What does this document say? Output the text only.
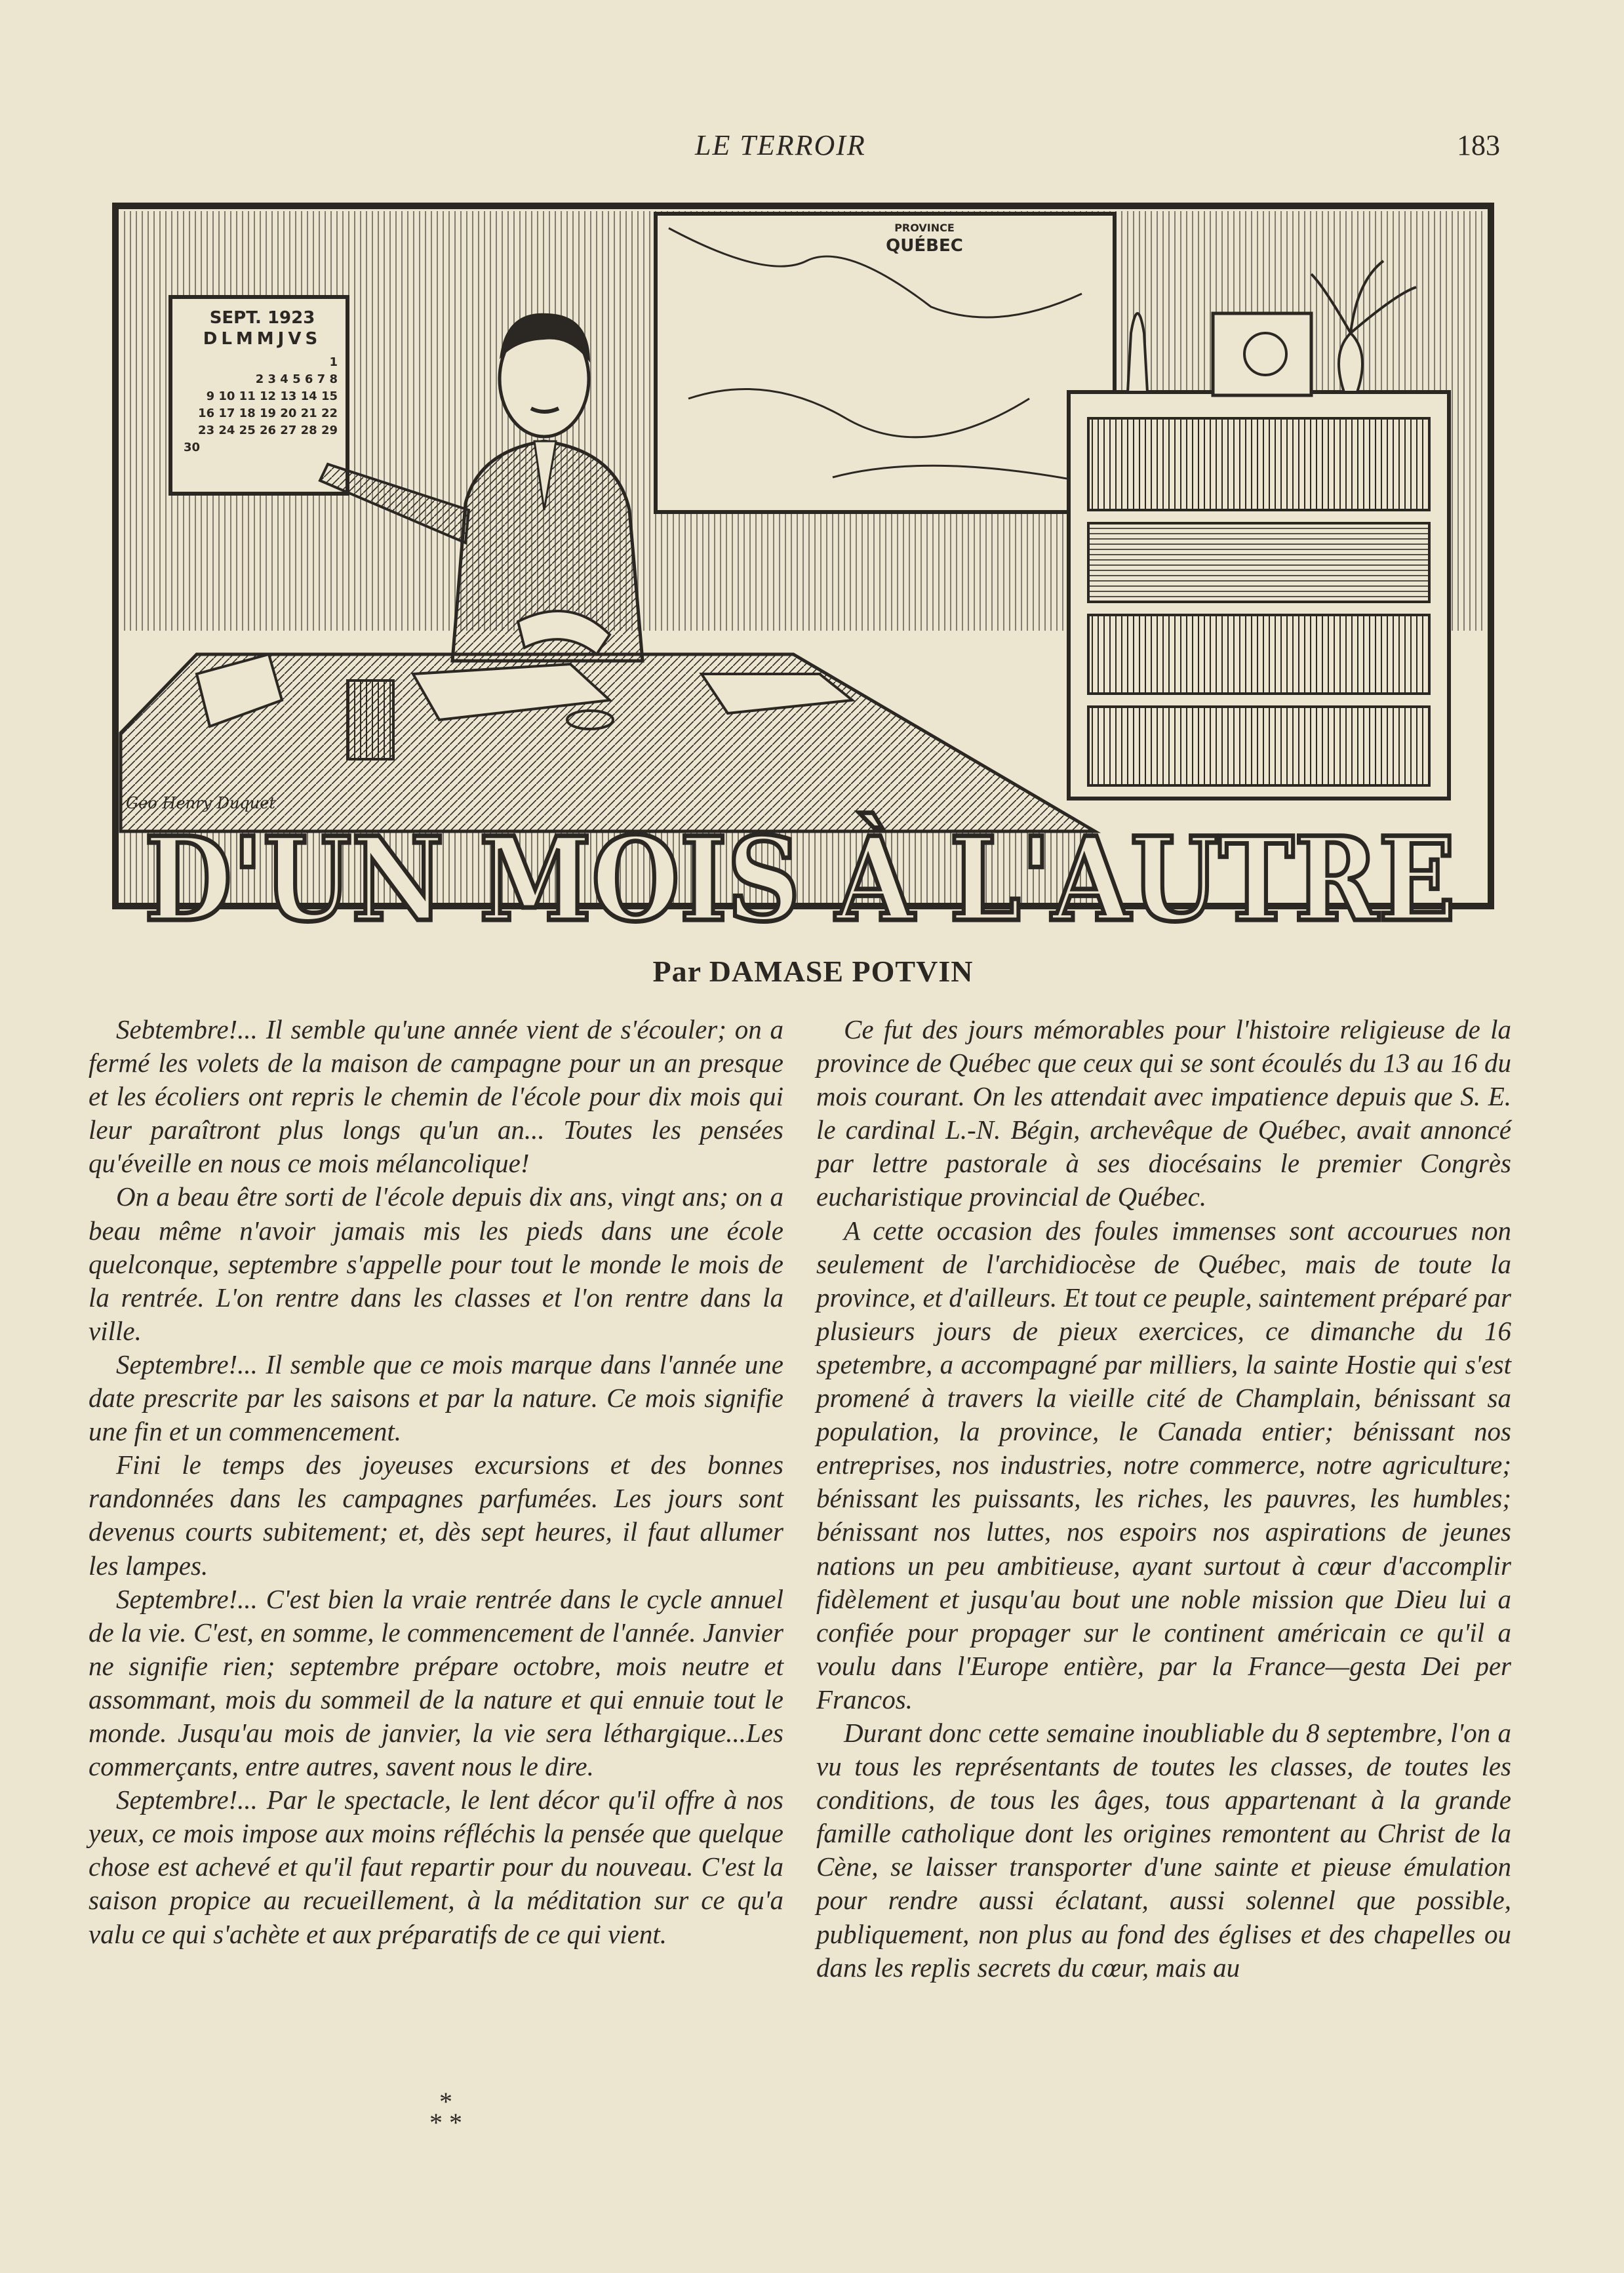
LE TERROIR	183
PROVINCE
QUÉBEC
SEPT. 1923
DLMMJVS
1
2 3 4 5 6 7 8
9 10 11 12 13 14 15
16 17 18 19 20 21 22
23 24 25 26 27 28 29
30
Geo Henry Duquet
D'UN MOIS À L'AUTRE
Par DAMASE POTVIN

Sebtembre!... Il semble qu'une année vient de s'écouler; on a fermé les volets de la maison de campagne pour un an presque et les écoliers ont repris le chemin de l'école pour dix mois qui leur paraîtront plus longs qu'un an... Toutes les pensées qu'éveille en nous ce mois mélancolique!

On a beau être sorti de l'école depuis dix ans, vingt ans; on a beau même n'avoir jamais mis les pieds dans une école quelconque, septembre s'appelle pour tout le monde le mois de la rentrée. L'on rentre dans les classes et l'on rentre dans la ville.

Septembre!... Il semble que ce mois marque dans l'année une date prescrite par les saisons et par la nature. Ce mois signifie une fin et un commencement.

Fini le temps des joyeuses excursions et des bonnes randonnées dans les campagnes parfumées. Les jours sont devenus courts subitement; et, dès sept heures, il faut allumer les lampes.

Septembre!... C'est bien la vraie rentrée dans le cycle annuel de la vie. C'est, en somme, le commencement de l'année. Janvier ne signifie rien; septembre prépare octobre, mois neutre et assommant, mois du sommeil de la nature et qui ennuie tout le monde. Jusqu'au mois de janvier, la vie sera léthargique...Les commerçants, entre autres, savent nous le dire.

Septembre!... Par le spectacle, le lent décor qu'il offre à nos yeux, ce mois impose aux moins réfléchis la pensée que quelque chose est achevé et qu'il faut repartir pour du nouveau. C'est la saison propice au recueillement, à la méditation sur ce qu'a valu ce qui s'achète et aux préparatifs de ce qui vient.

*
* *

Ce fut des jours mémorables pour l'histoire religieuse de la province de Québec que ceux qui se sont écoulés du 13 au 16 du mois courant. On les attendait avec impatience depuis que S. E. le cardinal L.-N. Bégin, archevêque de Québec, avait annoncé par lettre pastorale à ses diocésains le premier Congrès eucharistique provincial de Québec.

A cette occasion des foules immenses sont accourues non seulement de l'archidiocèse de Québec, mais de toute la province, et d'ailleurs. Et tout ce peuple, saintement préparé par plusieurs jours de pieux exercices, ce dimanche du 16 spetembre, a accompagné par milliers, la sainte Hostie qui s'est promené à travers la vieille cité de Champlain, bénissant sa population, la province, le Canada entier; bénissant nos entreprises, nos industries, notre commerce, notre agriculture; bénissant les puissants, les riches, les pauvres, les humbles; bénissant nos luttes, nos espoirs nos aspirations de jeunes nations un peu ambitieuse, ayant surtout à cœur d'accomplir fidèlement et jusqu'au bout une noble mission que Dieu lui a confiée pour propager sur le continent américain ce qu'il a voulu dans l'Europe entière, par la France—gesta Dei per Francos.

Durant donc cette semaine inoubliable du 8 septembre, l'on a vu tous les représentants de toutes les classes, de toutes les conditions, de tous les âges, tous appartenant à la grande famille catholique dont les origines remontent au Christ de la Cène, se laisser transporter d'une sainte et pieuse émulation pour rendre aussi éclatant, aussi solennel que possible, publiquement, non plus au fond des églises et des chapelles ou dans les replis secrets du cœur, mais au
